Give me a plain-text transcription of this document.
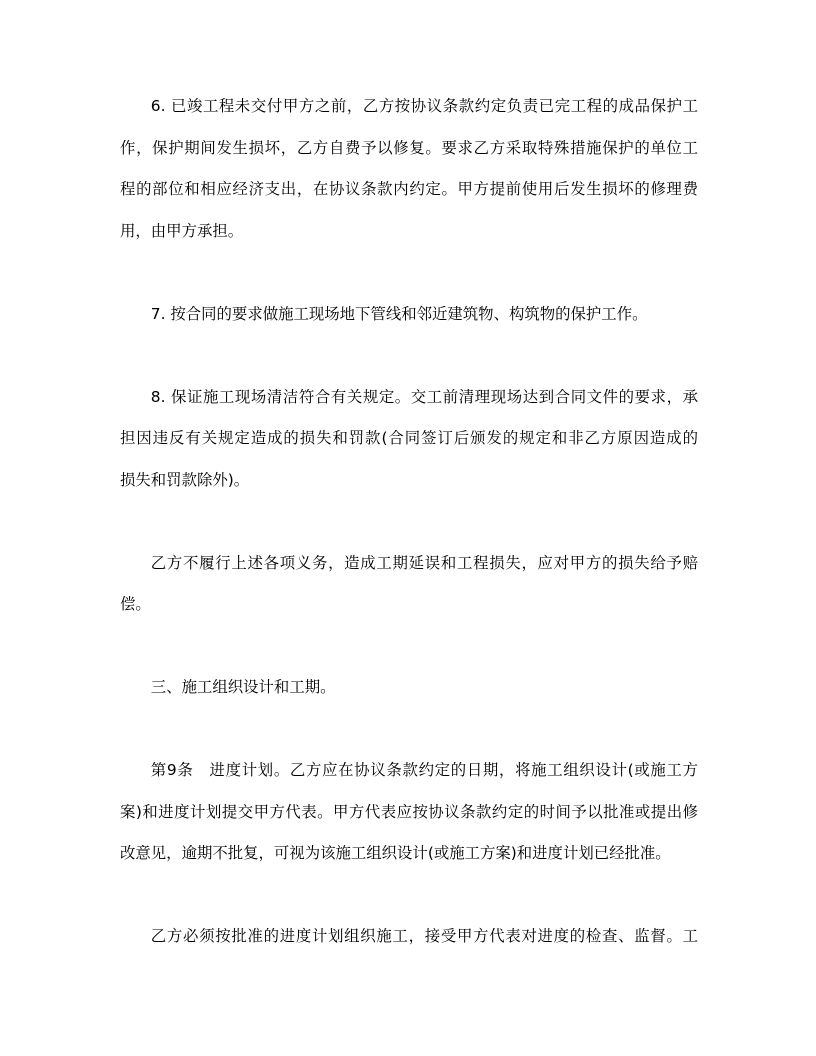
6. 已竣工程未交付甲方之前，乙方按协议条款约定负责已完工程的成品保护工
作，保护期间发生损坏，乙方自费予以修复。要求乙方采取特殊措施保护的单位工
程的部位和相应经济支出，在协议条款内约定。甲方提前使用后发生损坏的修理费
用，由甲方承担。
7. 按合同的要求做施工现场地下管线和邻近建筑物、构筑物的保护工作。
8. 保证施工现场清洁符合有关规定。交工前清理现场达到合同文件的要求，承
担因违反有关规定造成的损失和罚款(合同签订后颁发的规定和非乙方原因造成的
损失和罚款除外)。
乙方不履行上述各项义务，造成工期延误和工程损失，应对甲方的损失给予赔
偿。
三、施工组织设计和工期。
第9条　进度计划。乙方应在协议条款约定的日期，将施工组织设计(或施工方
案)和进度计划提交甲方代表。甲方代表应按协议条款约定的时间予以批准或提出修
改意见，逾期不批复，可视为该施工组织设计(或施工方案)和进度计划已经批准。
乙方必须按批准的进度计划组织施工，接受甲方代表对进度的检查、监督。工
